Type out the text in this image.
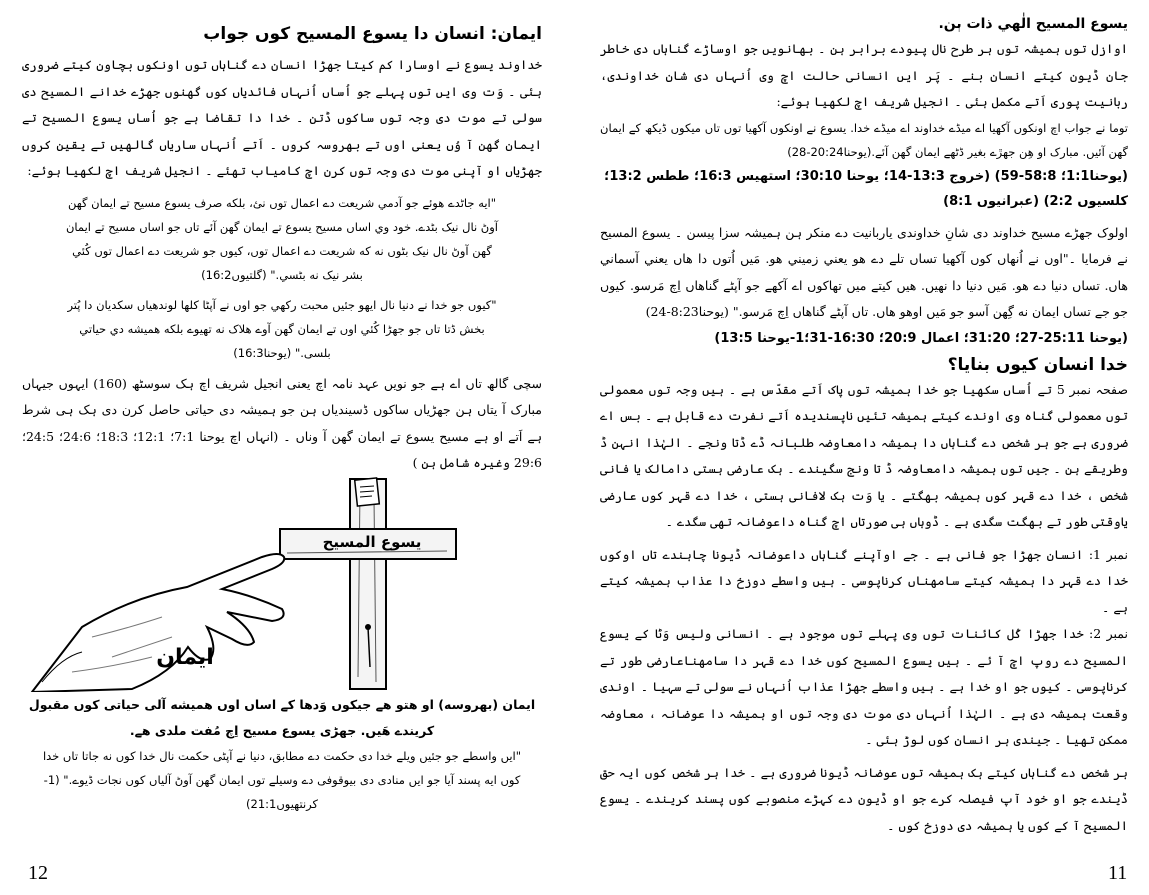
ايمان: انسان دا يسوع المسيح کوں جواب

خداوند یسوع نے اوسارا کم کیتا جھڑا انسان دے گناہاں توں اونکوں بچاون کیتے ضروری ہئی ۔ وَت وی ایں توں پہلے جو اُساں اُنہاں فائدیاں کوں گھنوں جھڑے خدانے المسیح دی سولی تے موت دی وجہ توں ساکوں ڈتن ۔ خدا دا تقاضا ہے جو اُساں یسوع المسیح تے ایمان گھن آ وُں یعنی اوں تے بھروسہ کروں ۔ اَتے اُنہاں ساریاں گالھیں تے یقین کروں جھڑیاں او آپنی موت دی وجہ توں کرن اچ کامیاب تھئے ۔ انجیل شریف اچ لکھیا ہوئے:

"ايه جاڻدے هوئے جو آدمي شريعت دے اعمال توں نئ، بلکه صرف يسوع مسيح تے ايمان گهن آوڻ نال نيک بڻدے. خود وي اساں مسيح يسوع تے ايمان گهن آئے تاں جو اساں مسيح تے ايمان گهن آوڻ نال نيک بڻوں نه که شريعت دے اعمال توں، کيوں جو شريعت دے اعمال توں کُئي بشر نيک نه بڻسي." (گلتيوں16:2)

"کيوں جو خدا نے دنيا نال ايهو جئيں محبت رکهي جو اوں نے آپڻا کلها لوندهياں سکديان دا پُتر بخش ڈتا تاں جو جهڑا کُئي اوں تے ايمان گهن آوے هلاک نه تهيوے بلکه هميشه دي حياتي بلسی." (يوحنا16:3)

سچی گالھ تاں اے ہے جو نویں عہد نامہ اچ یعنی انجیل شریف اچ ہک سوسٹھ (160) ایہوں جیہاں مبارک آ یتاں ہن جھڑیاں ساکوں ڈسیندیاں ہن جو ہمیشہ دی حیاتی حاصل کرن دی ہک ہی شرط ہے اَتے او ہے مسیح یسوع تے ایمان گھن آ وناں ۔ (انہاں اچ یوحنا 7:1؛ 12:1؛ 18:3؛ 24:6؛ 24:5؛ 29:6 وغیرہ شامل ہن )

يسوع المسيح
ايمان

ايمان (بهروسه) او هتو هے جيکوں وَدها کے اساں اوں هميشه آلی حياتی کوں مقبول کريندے هَيں. جهڑی يسوع مسيح اِچ مُفت ملدی هے.

"ايں واسطے جو جئيں ويلے خدا دی حکمت دے مطابق، دنيا نے آپڻی حکمت نال خدا کوں نه جاتا تاں خدا کوں ايه پسند آيا جو ايں منادی دی بيوقوفی دے وسيلے توں ايمان گهن آوڻ آلياں کوں نجات ڈيوے." (1-کرنتهيوں21:1)

12
يسوع المسيح الٰهي ذات ٻن.

اوازل توں ہمیشہ توں ہر طرح نال پیودے برابر ہن ۔ بھانویں جو اوساڑے گناہاں دی خاطر جان ڈیون کیتے انسان بنے ۔ پَر ایں انسانی حالت اچ وی اُنہاں دی شانِ خداوندی، ربانیت پوری اَتے مکمل ہئی ۔ انجیل شریف اچ لکھیا ہوئے:

توما نے جواب اچ اونکوں آکھيا اے ميڈے خداوند اے ميڈے خدا. يسوع نے اونکوں آکھيا توں تاں ميکوں ڈيکھ کے ايمان گھن آئيں. مبارک او هِن جهڙے بغير ڈٹهے ايمان گهن آئے.(يوحنا20:24-28)

(يوحنا1:1؛ 58:8-59) (خروج 13:3-14؛ يوحنا 30:10؛ استھيس 16:3؛ ططس 13:2؛ کلسيوں 2:2) (عبرانيوں 8:1)

اولوک جھڑے مسیح خداوند دی شانِ خداوندی یاربانیت دے منکر ہن ہمیشہ سزا پیسن ۔ یسوع المسیح نے فرمایا ۔"اوں نے اُنهاں کوں آکهيا تساں تلے دے هو يعني زميني هو. مَيں اُتوں دا هاں يعني آسماني هاں. تساں دنيا دے هو. مَيں دنيا دا نهيں. هيں کيتے ميں تهاکوں اے آکهے جو آپڻے گناهاں اِچ مَرسو. کيوں جو جے تساں ايمان نه گِهن آسو جو مَيں اوهو هاں. تاں آپڻے گناهاں اِچ مَرسو." (يوحنا8:23-24)

(يوحنا 25:11-27؛ 31:20؛ اعمال 20:9؛ 16:30-31؛1-يوحنا 13:5)

خدا انسان کيوں بنايا؟

صفحہ نمبر 5 تے اُساں سکھیا جو خدا ہمیشہ توں پاک اَتے مقدّس ہے ۔ ہیں وجہ توں معمولی توں معمولی گناہ وی اوندے کیتے ہمیشہ تئیں ناپسندیدہ اَتے نفرت دے قابل ہے ۔ بس اے ضروری ہے جو ہر شخص دے گناہاں دا ہمیشہ دامعاوضہ طلبانہ ڈے ڈتا ونجے ۔ الہٰذا انہن ڈ وطریقے ہن ۔ جیں توں ہمیشہ دامعاوضہ ڈ تا ونج سگیندے ۔ ہک عارضی ہستی دامالک یا فانی شخص ، خدا دے قہر کوں ہمیشہ بھگتے ۔ یا وَت ہک لافانی ہستی ، خدا دے قہر کوں عارضی یاوقتی طور تے بھگت سگدی ہے ۔ ڈوہاں ہی صورتاں اچ گناہ داعوضانہ تھی سگدے ۔

نمبر 1: انسان جھڑا جو فانی ہے ۔ جے اوآپنے گناہاں داعوضانہ ڈیونا چاہندے تاں اوکوں خدا دے قہر دا ہمیشہ کیتے سامھناں کرناپوسی ۔ ہیں واسطے دوزخ دا عذاب ہمیشہ کیتے ہے ۔

نمبر 2: خدا جھڑا کُل کائنات توں وی پہلے توں موجود ہے ۔ انسانی ولیس وَٹا کے یسوع المسیح دے روپ اچ آ ئے ۔ ہیں یسوع المسیح کوں خدا دے قہر دا سامھناعارضی طور تے کرناپوسی ۔ کیوں جو او خدا ہے ۔ ہیں واسطے جھڑا عذاب اُنہاں نے سولی تے سہیا ۔ اوندی وقعت ہمیشہ دی ہے ۔ الہٰذا اُنہاں دی موت دی وجہ توں او ہمیشہ دا عوضانہ ، معاوضہ ممکن تھیا ۔ جیندی ہر انسان کوں لوڑ ہئی ۔

ہر شخص دے گناہاں کیتے ہک ہمیشہ توں عوضانہ ڈیونا ضروری ہے ۔ خدا ہر شخص کوں ایہ حق ڈیندے جو او خود آپ فیصلہ کرے جو او ڈیون دے کہڑے منصوبے کوں پسند کریندے ۔ یسوع المسیح آ کے کوں یا ہمیشہ دی دوزخ کوں ۔

11
